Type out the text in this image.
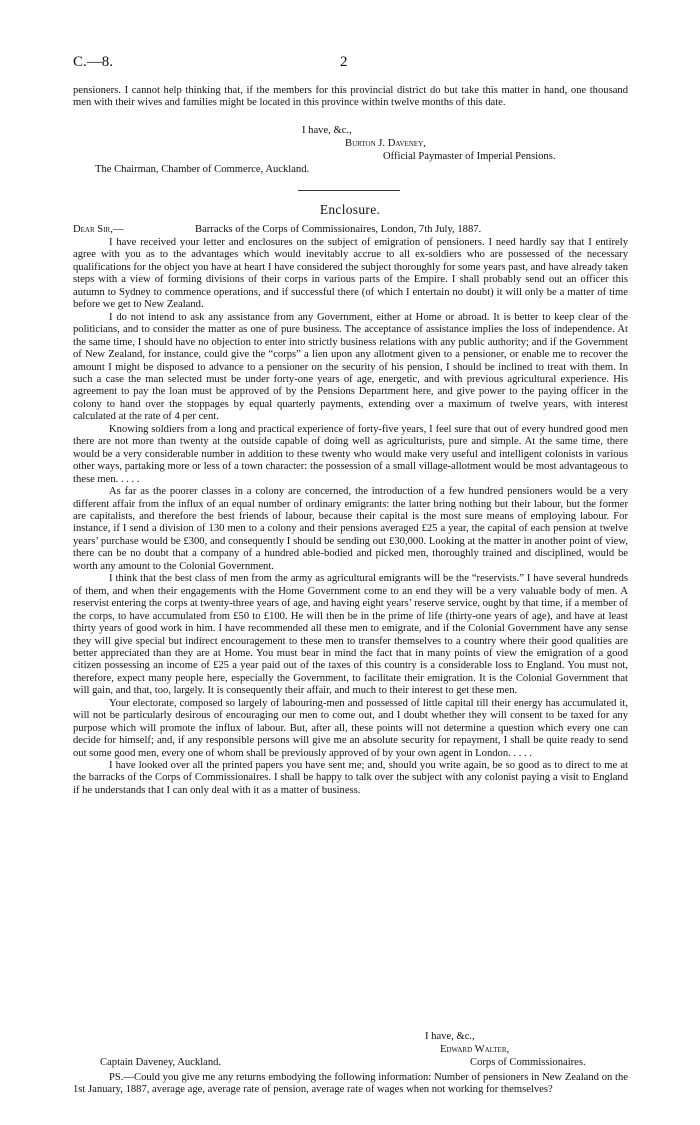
C.—8.	2

pensioners. I cannot help thinking that, if the members for this provincial district do but take this matter in hand, one thousand men with their wives and families might be located in this province within twelve months of this date.

I have, &c.,
Burton J. Daveney,
Official Paymaster of Imperial Pensions.
The Chairman, Chamber of Commerce, Auckland.
Enclosure.
Dear Sir,—	Barracks of the Corps of Commissionaires, London, 7th July, 1887.

I have received your letter and enclosures on the subject of emigration of pensioners. I need hardly say that I entirely agree with you as to the advantages which would inevitably accrue to all ex-soldiers who are possessed of the necessary qualifications for the object you have at heart I have considered the subject thoroughly for some years past, and have already taken steps with a view of forming divisions of their corps in various parts of the Empire. I shall probably send out an officer this autumn to Sydney to commence operations, and if successful there (of which I entertain no doubt) it will only be a matter of time before we get to New Zealand.

I do not intend to ask any assistance from any Government, either at Home or abroad. It is better to keep clear of the politicians, and to consider the matter as one of pure business. The acceptance of assistance implies the loss of independence. At the same time, I should have no objection to enter into strictly business relations with any public authority; and if the Government of New Zealand, for instance, could give the “corps” a lien upon any allotment given to a pensioner, or enable me to recover the amount I might be disposed to advance to a pensioner on the security of his pension, I should be inclined to treat with them. In such a case the man selected must be under forty-one years of age, energetic, and with previous agricultural experience. His agreement to pay the loan must be approved of by the Pensions Department here, and give power to the paying officer in the colony to hand over the stoppages by equal quarterly payments, extending over a maximum of twelve years, with interest calculated at the rate of 4 per cent.

Knowing soldiers from a long and practical experience of forty-five years, I feel sure that out of every hundred good men there are not more than twenty at the outside capable of doing well as agriculturists, pure and simple. At the same time, there would be a very considerable number in addition to these twenty who would make very useful and intelligent colonists in various other ways, partaking more or less of a town character: the possession of a small village-allotment would be most advantageous to these men. . . . .

As far as the poorer classes in a colony are concerned, the introduction of a few hundred pensioners would be a very different affair from the influx of an equal number of ordinary emigrants: the latter bring nothing but their labour, but the former are capitalists, and therefore the best friends of labour, because their capital is the most sure means of employing labour. For instance, if I send a division of 130 men to a colony and their pensions averaged £25 a year, the capital of each pension at twelve years’ purchase would be £300, and consequently I should be sending out £30,000. Looking at the matter in another point of view, there can be no doubt that a company of a hundred able-bodied and picked men, thoroughly trained and disciplined, would be worth any amount to the Colonial Government.

I think that the best class of men from the army as agricultural emigrants will be the “reservists.” I have several hundreds of them, and when their engagements with the Home Government come to an end they will be a very valuable body of men. A reservist entering the corps at twenty-three years of age, and having eight years’ reserve service, ought by that time, if a member of the corps, to have accumulated from £50 to £100. He will then be in the prime of life (thirty-one years of age), and have at least thirty years of good work in him. I have recommended all these men to emigrate, and if the Colonial Government have any sense they will give special but indirect encouragement to these men to transfer themselves to a country where their good qualities are better appreciated than they are at Home. You must bear in mind the fact that in many points of view the emigration of a good citizen possessing an income of £25 a year paid out of the taxes of this country is a considerable loss to England. You must not, therefore, expect many people here, especially the Government, to facilitate their emigration. It is the Colonial Government that will gain, and that, too, largely. It is consequently their affair, and much to their interest to get these men.

Your electorate, composed so largely of labouring-men and possessed of little capital till their energy has accumulated it, will not be particularly desirous of encouraging our men to come out, and I doubt whether they will consent to be taxed for any purpose which will promote the influx of labour. But, after all, these points will not determine a question which every one can decide for himself; and, if any responsible persons will give me an absolute security for repayment, I shall be quite ready to send out some good men, every one of whom shall be previously approved of by your own agent in London. . . . .

I have looked over all the printed papers you have sent me; and, should you write again, be so good as to direct to me at the barracks of the Corps of Commissionaires. I shall be happy to talk over the subject with any colonist paying a visit to England if he understands that I can only deal with it as a matter of business.

I have, &c.,
Edward Walter,
Captain Daveney, Auckland.	Corps of Commissionaires.

PS.—Could you give me any returns embodying the following information: Number of pensioners in New Zealand on the 1st January, 1887, average age, average rate of pension, average rate of wages when not working for themselves?
